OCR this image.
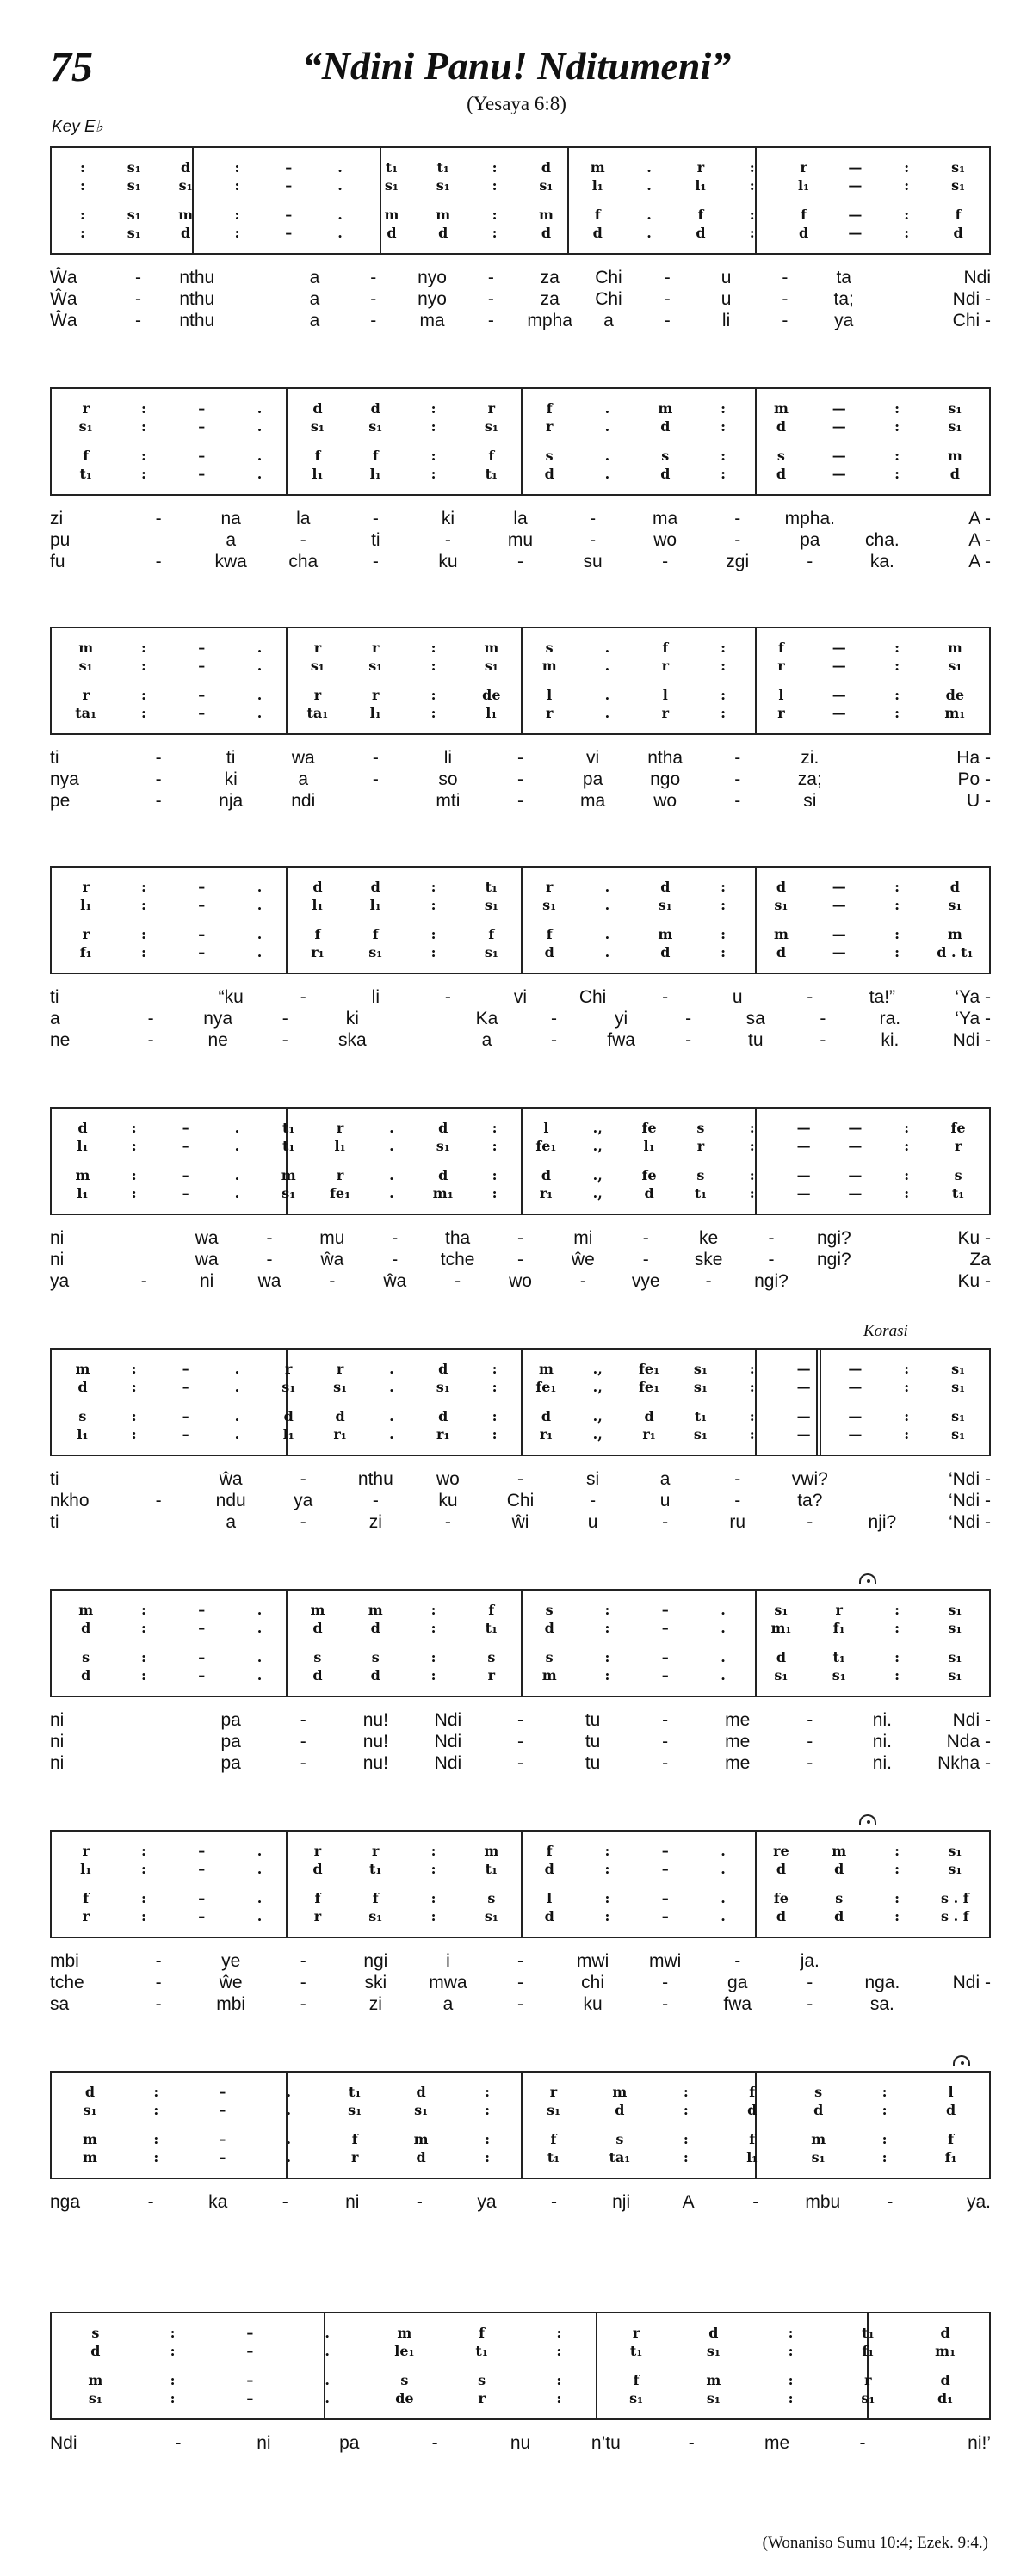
75	“Ndini Panu! Nditumeni”
(Yesaya 6:8)
Key E♭
Korasi
(Wonaniso Sumu 10:4; Ezek. 9:4.)
:	s₁	d	:	–	.	t₁	t₁	:	d	m	.	r	:	r	—	:	s₁
:	s₁	s₁	:	–	.	s₁	s₁	:	s₁	l₁	.	l₁	:	l₁	—	:	s₁
:	s₁	m	:	–	.	m	m	:	m	f	.	f	:	f	—	:	f
:	s₁	d	:	–	.	d	d	:	d	d	.	d	:	d	—	:	d
Ŵa	-	nthu	a	-	nyo	-	za	Chi	-	u	-	ta	Ndi
Ŵa	-	nthu	a	-	nyo	-	za	Chi	-	u	-	ta;	Ndi -
Ŵa	-	nthu	a	-	ma	-	mpha	a	-	li	-	ya	Chi -
r	:	–	.	d	d	:	r	f	.	m	:	m	—	:	s₁
s₁	:	–	.	s₁	s₁	:	s₁	r	.	d	:	d	—	:	s₁
f	:	–	.	f	f	:	f	s	.	s	:	s	—	:	m
t₁	:	–	.	l₁	l₁	:	t₁	d	.	d	:	d	—	:	d
zi	-	na	la	-	ki	la	-	ma	-	mpha.	A -
pu	a	-	ti	-	mu	-	wo	-	pa	cha.	A -
fu	-	kwa	cha	-	ku	-	su	-	zgi	-	ka.	A -
m	:	–	.	r	r	:	m	s	.	f	:	f	—	:	m
s₁	:	–	.	s₁	s₁	:	s₁	m	.	r	:	r	—	:	s₁
r	:	–	.	r	r	:	de	l	.	l	:	l	—	:	de
ta₁	:	–	.	ta₁	l₁	:	l₁	r	.	r	:	r	—	:	m₁
ti	-	ti	wa	-	li	-	vi	ntha	-	zi.	Ha -
nya	-	ki	a	-	so	-	pa	ngo	-	za;	Po -
pe	-	nja	ndi	mti	-	ma	wo	-	si	U -
r	:	–	.	d	d	:	t₁	r	.	d	:	d	—	:	d
l₁	:	–	.	l₁	l₁	:	s₁	s₁	.	s₁	:	s₁	—	:	s₁
r	:	–	.	f	f	:	f	f	.	m	:	m	—	:	m
f₁	:	–	.	r₁	s₁	:	s₁	d	.	d	:	d	—	:	d . t₁
ti	“ku	-	li	-	vi	Chi	-	u	-	ta!”	‘Ya -
a	-	nya	-	ki	Ka	-	yi	-	sa	-	ra.	‘Ya -
ne	-	ne	-	ska	a	-	fwa	-	tu	-	ki.	Ndi -
d	:	–	.	t₁	r	.	d	:	l	.,	fe	s	:	—	—	:	fe
l₁	:	–	.	t₁	l₁	.	s₁	:	fe₁	.,	l₁	r	:	—	—	:	r
m	:	–	.	m	r	.	d	:	d	.,	fe	s	:	—	—	:	s
l₁	:	–	.	s₁	fe₁	.	m₁	:	r₁	.,	d	t₁	:	—	—	:	t₁
ni	wa	-	mu	-	tha	-	mi	-	ke	-	ngi?	Ku -
ni	wa	-	ŵa	-	tche	-	ŵe	-	ske	-	ngi?	Za
ya	-	ni	wa	-	ŵa	-	wo	-	vye	-	ngi?	Ku -
m	:	–	.	r	r	.	d	:	m	.,	fe₁	s₁	:	—	—	:	s₁
d	:	–	.	s₁	s₁	.	s₁	:	fe₁	.,	fe₁	s₁	:	—	—	:	s₁
s	:	–	.	d	d	.	d	:	d	.,	d	t₁	:	—	—	:	s₁
l₁	:	–	.	l₁	r₁	.	r₁	:	r₁	.,	r₁	s₁	:	—	—	:	s₁
ti	ŵa	-	nthu	wo	-	si	a	-	vwi?	‘Ndi -
nkho	-	ndu	ya	-	ku	Chi	-	u	-	ta?	‘Ndi -
ti	a	-	zi	-	ŵi	u	-	ru	-	nji?	‘Ndi -
m	:	–	.	m	m	:	f	s	:	–	.	s₁	r	:	s₁
d	:	–	.	d	d	:	t₁	d	:	–	.	m₁	f₁	:	s₁
s	:	–	.	s	s	:	s	s	:	–	.	d	t₁	:	s₁
d	:	–	.	d	d	:	r	m	:	–	.	s₁	s₁	:	s₁
ni	pa	-	nu!	Ndi	-	tu	-	me	-	ni.	Ndi -
ni	pa	-	nu!	Ndi	-	tu	-	me	-	ni.	Nda -
ni	pa	-	nu!	Ndi	-	tu	-	me	-	ni.	Nkha -
r	:	–	.	r	r	:	m	f	:	–	.	re	m	:	s₁
l₁	:	–	.	d	t₁	:	t₁	d	:	–	.	d	d	:	s₁
f	:	–	.	f	f	:	s	l	:	–	.	fe	s	:	s . f
r	:	–	.	r	s₁	:	s₁	d	:	–	.	d	d	:	s . f
mbi	-	ye	-	ngi	i	-	mwi	mwi	-	ja.
tche	-	ŵe	-	ski	mwa	-	chi	-	ga	-	nga.	Ndi -
sa	-	mbi	-	zi	a	-	ku	-	fwa	-	sa.
d	:	–	.	t₁	d	:	r	m	:	f	s	:	l
s₁	:	–	.	s₁	s₁	:	s₁	d	:	d	d	:	d
m	:	–	.	f	m	:	f	s	:	f	m	:	f
m	:	–	.	r	d	:	t₁	ta₁	:	l₁	s₁	:	f₁
nga	-	ka	-	ni	-	ya	-	nji	A	-	mbu	-	ya.
s	:	–	.	m	f	:	r	d	:	t₁	d
d	:	–	.	le₁	t₁	:	t₁	s₁	:	f₁	m₁
m	:	–	.	s	s	:	f	m	:	r	d
s₁	:	–	.	de	r	:	s₁	s₁	:	s₁	d₁
Ndi	-	ni	pa	-	nu	n’tu	-	me	-	ni!’
